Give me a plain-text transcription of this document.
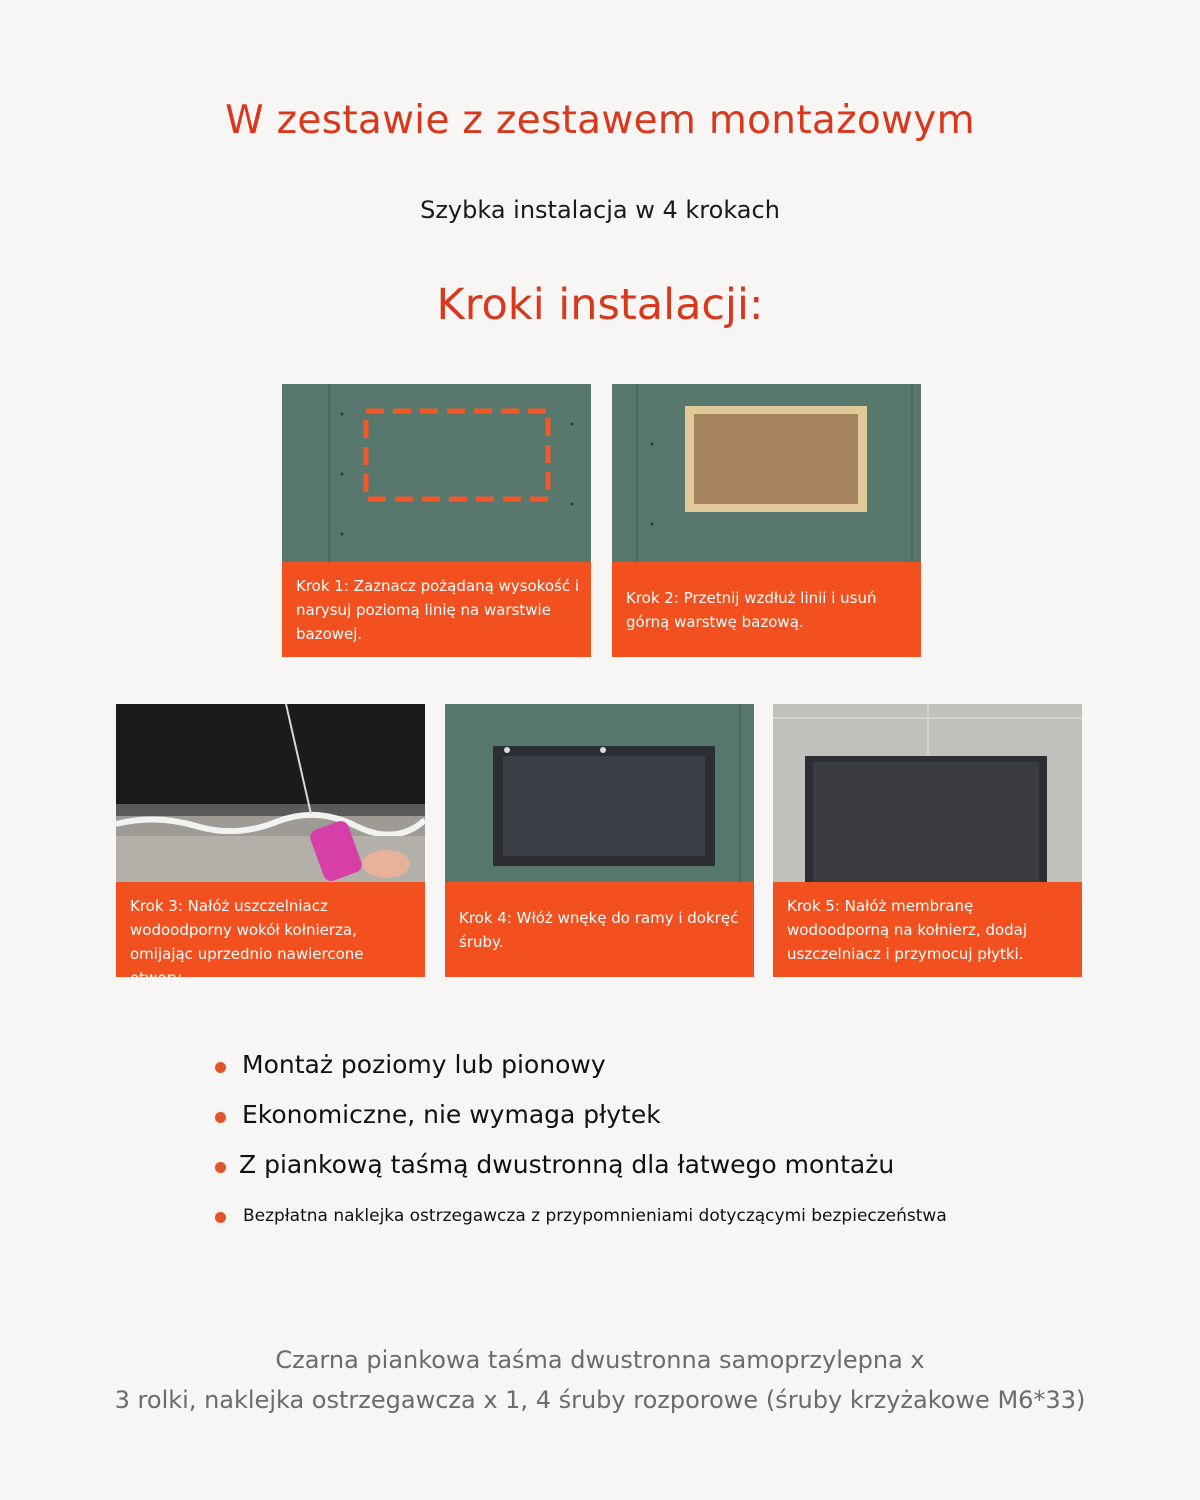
W zestawie z zestawem montażowym
Szybka instalacja w 4 krokach
Kroki instalacji:
Krok 1: Zaznacz pożądaną wysokość i narysuj poziomą linię na warstwie bazowej.
Krok 2: Przetnij wzdłuż linii i usuń górną warstwę bazową.
Krok 3: Nałóż uszczelniacz wodoodporny wokół kołnierza, omijając uprzednio nawiercone otwory.
Krok 4: Włóż wnękę do ramy i dokręć śruby.
Krok 5: Nałóż membranę wodoodporną na kołnierz, dodaj uszczelniacz i przymocuj płytki.
Montaż poziomy lub pionowy
Ekonomiczne, nie wymaga płytek
Z piankową taśmą dwustronną dla łatwego montażu
Bezpłatna naklejka ostrzegawcza z przypomnieniami dotyczącymi bezpieczeństwa
Czarna piankowa taśma dwustronna samoprzylepna x
3 rolki, naklejka ostrzegawcza x 1, 4 śruby rozporowe (śruby krzyżakowe M6*33)
